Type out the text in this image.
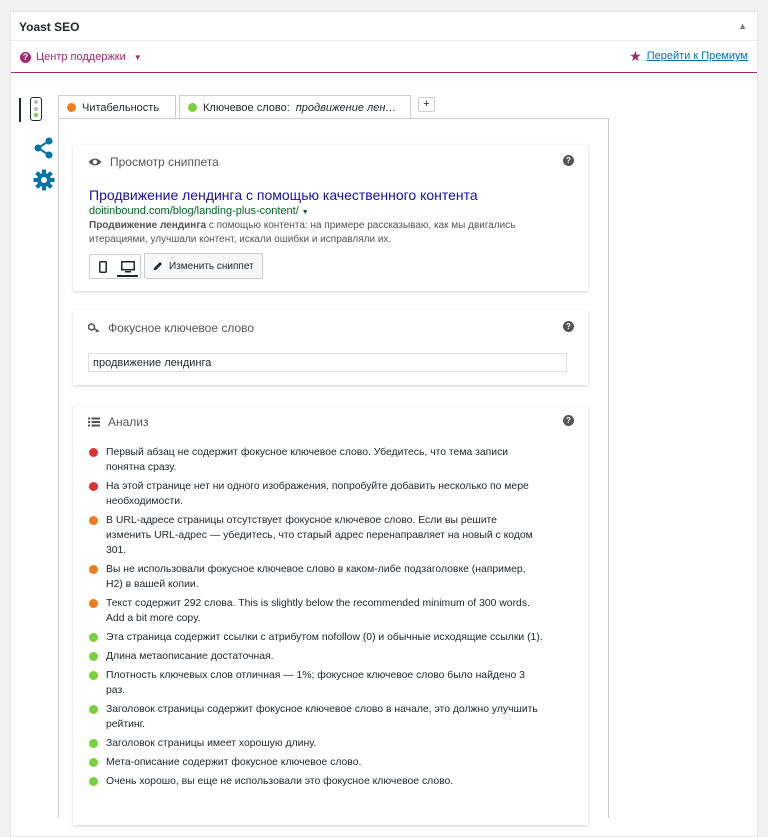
Yoast SEO	▲
? Центр поддержки ▼	★ Перейти к Премиум
Читабельность	Ключевое слово: продвижение лен…	+
Просмотр сниппета	?
Продвижение лендинга с помощью качественного контента
doitinbound.com/blog/landing-plus-content/ ▼
Продвижение лендинга с помощью контента: на примере рассказываю, как мы двигались итерациями, улучшали контент, искали ошибки и исправляли их.
Изменить сниппет
Фокусное ключевое слово	?
продвижение лендинга
Анализ	?
Первый абзац не содержит фокусное ключевое слово. Убедитесь, что тема записи понятна сразу.
На этой странице нет ни одного изображения, попробуйте добавить несколько по мере необходимости.
В URL-адресе страницы отсутствует фокусное ключевое слово. Если вы решите изменить URL-адрес — убедитесь, что старый адрес перенаправляет на новый с кодом 301.
Вы не использовали фокусное ключевое слово в каком-либе подзаголовке (например, H2) в вашей копии.
Текст содержит 292 слова. This is slightly below the recommended minimum of 300 words. Add a bit more copy.
Эта страница содержит ссылки с атрибутом nofollow (0) и обычные исходящие ссылки (1).
Длина метаописание достаточная.
Плотность ключевых слов отличная — 1%; фокусное ключевое слово было найдено 3 раз.
Заголовок страницы содержит фокусное ключевое слово в начале, это должно улучшить рейтинг.
Заголовок страницы имеет хорошую длину.
Мета-описание содержит фокусное ключевое слово.
Очень хорошо, вы еще не использовали это фокусное ключевое слово.
